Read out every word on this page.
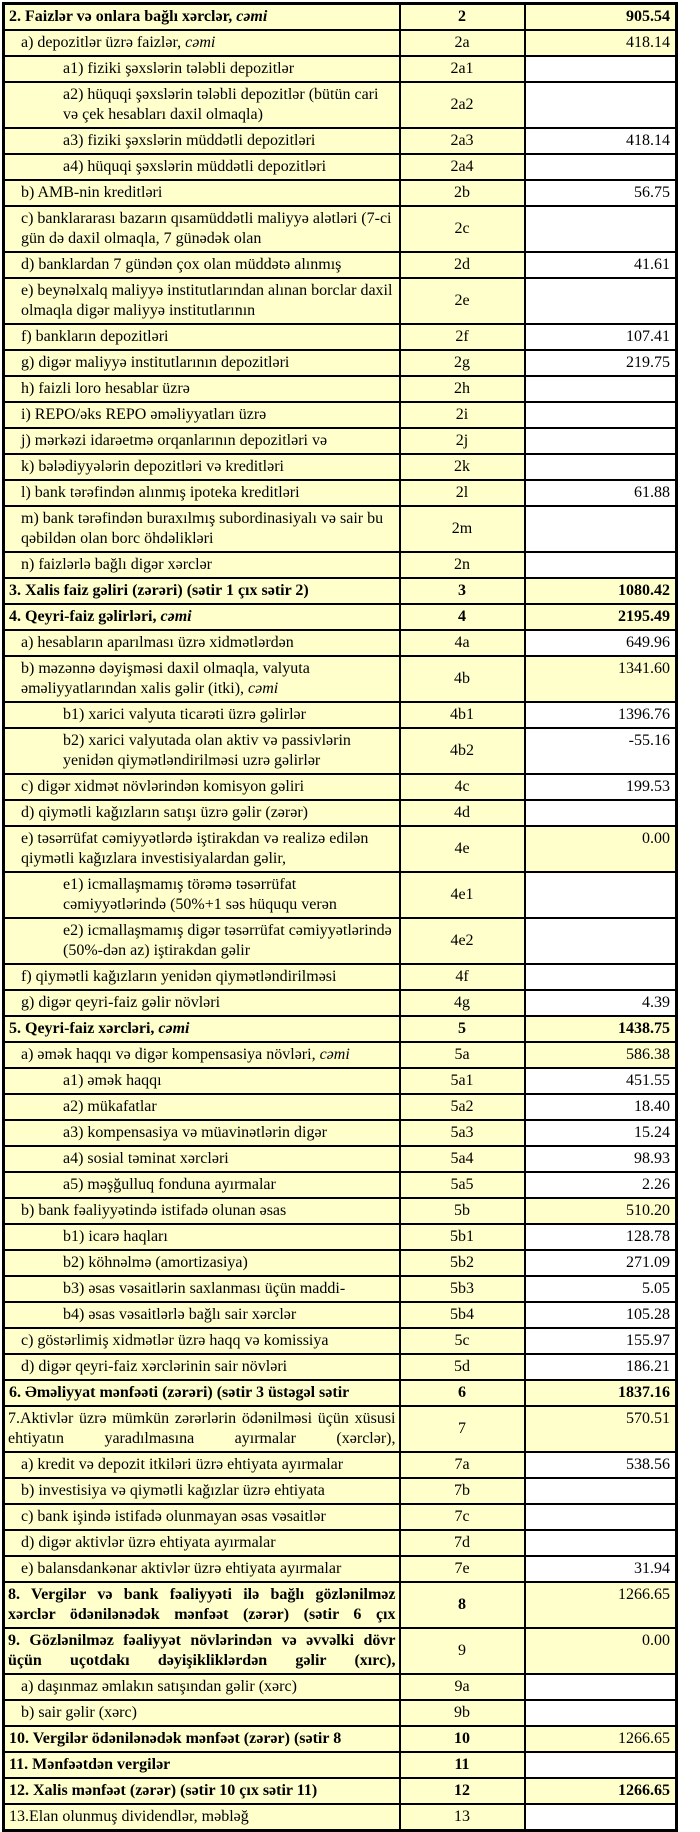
2. Faizlər və onlara bağlı xərclər, cəmi	2	905.54
a) depozitlər üzrə faizlər, cəmi	2a	418.14
a1) fiziki şəxslərin tələbli depozitlər	2a1	
a2) hüquqi şəxslərin tələbli depozitlər (bütün cari və çek hesabları daxil olmaqla)	2a2	
a3) fiziki şəxslərin müddətli depozitləri	2a3	418.14
a4) hüquqi şəxslərin müddətli depozitləri	2a4	
b) AMB-nin kreditləri	2b	56.75
c) banklararası bazarın qısamüddətli maliyyə alətləri (7-ci gün də daxil olmaqla, 7 günədək olan	2c	
d) banklardan 7 gündən çox olan müddətə alınmış	2d	41.61
e) beynəlxalq maliyyə institutlarından alınan borclar daxil olmaqla digər maliyyə institutlarının	2e	
f) bankların depozitləri	2f	107.41
g) digər maliyyə institutlarının depozitləri	2g	219.75
h) faizli loro hesablar üzrə	2h	
i) REPO/əks REPO əməliyyatları üzrə	2i	
j) mərkəzi idarəetmə orqanlarının depozitləri və	2j	
k) bələdiyyələrin depozitləri və kreditləri	2k	
l) bank tərəfindən alınmış ipoteka kreditləri	2l	61.88
m) bank tərəfindən buraxılmış subordinasiyalı və sair bu qəbildən olan borc öhdəlikləri	2m	
n) faizlərlə bağlı digər xərclər	2n	
3. Xalis faiz gəliri (zərəri) (sətir 1 çıx sətir 2)	3	1080.42
4. Qeyri-faiz gəlirləri, cəmi	4	2195.49
a) hesabların aparılması üzrə xidmətlərdən	4a	649.96
b) məzənnə dəyişməsi daxil olmaqla, valyuta əməliyyatlarından xalis gəlir (itki), cəmi	4b	1341.60
b1) xarici valyuta ticarəti üzrə gəlirlər	4b1	1396.76
b2) xarici valyutada olan aktiv və passivlərin yenidən qiymətləndirilməsi uzrə gəlirlər	4b2	-55.16
c) digər xidmət növlərindən komisyon gəliri	4c	199.53
d) qiymətli kağızların satışı üzrə gəlir (zərər)	4d	
e) təsərrüfat cəmiyyətlərdə iştirakdan və realizə edilən qiymətli kağızlara investisiyalardan gəlir,	4e	0.00
e1) icmallaşmamış törəmə təsərrüfat cəmiyyətlərində (50%+1 səs hüququ verən	4e1	
e2) icmallaşmamış digər təsərrüfat cəmiyyətlərində (50%-dən az) iştirakdan gəlir	4e2	
f) qiymətli kağızların yenidən qiymətləndirilməsi	4f	
g) digər qeyri-faiz gəlir növləri	4g	4.39
5. Qeyri-faiz xərcləri, cəmi	5	1438.75
a) əmək haqqı və digər kompensasiya növləri, cəmi	5a	586.38
a1) əmək haqqı	5a1	451.55
a2) mükafatlar	5a2	18.40
a3) kompensasiya və müavinətlərin digər	5a3	15.24
a4) sosial təminat xərcləri	5a4	98.93
a5) məşğulluq fonduna ayırmalar	5a5	2.26
b) bank fəaliyyətində istifadə olunan əsas	5b	510.20
b1) icarə haqları	5b1	128.78
b2) köhnəlmə (amortizasiya)	5b2	271.09
b3) əsas vəsaitlərin saxlanması üçün maddi-	5b3	5.05
b4) əsas vəsaitlərlə bağlı sair xərclər	5b4	105.28
c) göstərlimiş xidmətlər üzrə haqq və komissiya	5c	155.97
d) digər qeyri-faiz xərclərinin sair növləri	5d	186.21
6. Əməliyyat mənfəəti (zərəri) (sətir 3 üstəgəl sətir	6	1837.16
7.Aktivlər üzrə mümkün zərərlərin ödənilməsi üçün xüsusi ehtiyatın yaradılmasına ayırmalar (xərclər),	7	570.51
a) kredit və depozit itkiləri üzrə ehtiyata ayırmalar	7a	538.56
b) investisiya və qiymətli kağızlar üzrə ehtiyata	7b	
c) bank işində istifadə olunmayan əsas vəsaitlər	7c	
d) digər aktivlər üzrə ehtiyata ayırmalar	7d	
e) balansdankənar aktivlər üzrə ehtiyata ayırmalar	7e	31.94
8. Vergilər və bank fəaliyyəti ilə bağlı gözlənilməz xərclər ödənilənədək mənfəət (zərər) (sətir 6 çıx	8	1266.65
9. Gözlənilməz fəaliyyət növlərindən və əvvəlki dövr üçün uçotdakı dəyişikliklərdən gəlir (xırc),	9	0.00
a) daşınmaz əmlakın satışından gəlir (xərc)	9a	
b) sair gəlir (xərc)	9b	
10. Vergilər ödənilənədək mənfəət (zərər) (sətir 8	10	1266.65
11. Mənfəətdən vergilər	11	
12. Xalis mənfəət (zərər) (sətir 10 çıx sətir 11)	12	1266.65
13.Elan olunmuş dividendlər, məbləğ	13	
